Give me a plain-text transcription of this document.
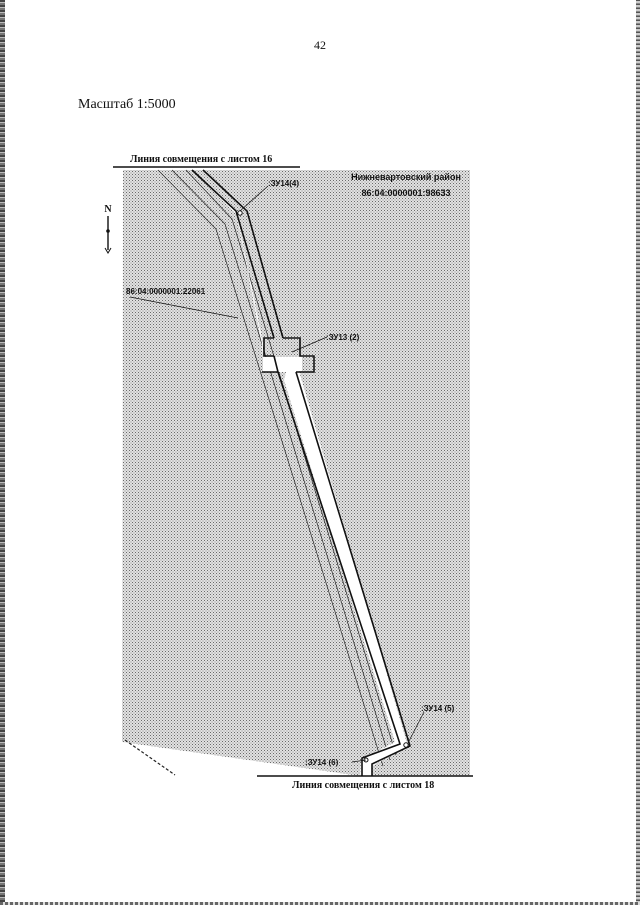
42
Масштаб 1:5000
N
Линия совмещения с листом 16
Линия совмещения с листом 18
Нижневартовский район
86:04:0000001:98633
86:04:0000001:22061
:ЗУ14(4)
:ЗУ13 (2)
:ЗУ14 (5)
:ЗУ14 (6)
